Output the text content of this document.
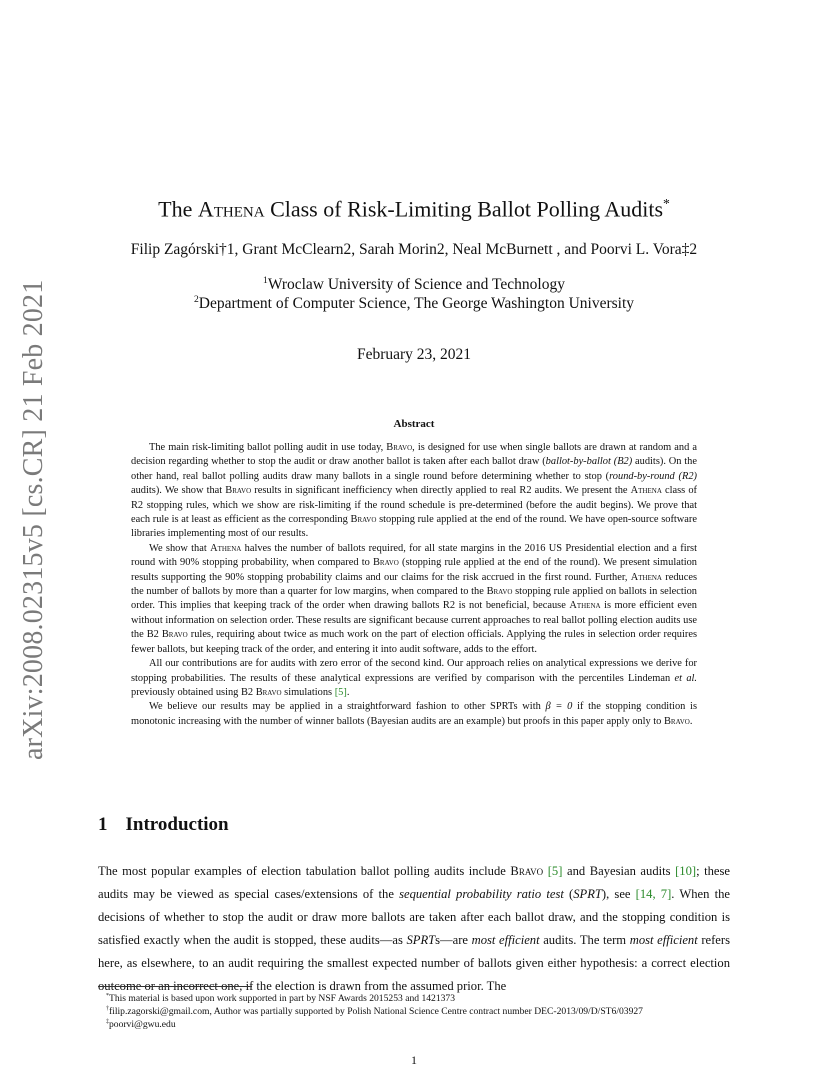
arXiv:2008.02315v5 [cs.CR] 21 Feb 2021
The Athena Class of Risk-Limiting Ballot Polling Audits*
Filip Zagórski†1, Grant McClearn2, Sarah Morin2, Neal McBurnett , and Poorvi L. Vora‡2
$^1$Wroclaw University of Science and Technology
$^2$Department of Computer Science, The George Washington University
February 23, 2021
Abstract

The main risk-limiting ballot polling audit in use today, Bravo, is designed for use when single ballots are drawn at random and a decision regarding whether to stop the audit or draw another ballot is taken after each ballot draw (ballot-by-ballot (B2) audits). On the other hand, real ballot polling audits draw many ballots in a single round before determining whether to stop (round-by-round (R2) audits). We show that Bravo results in significant inefficiency when directly applied to real R2 audits. We present the Athena class of R2 stopping rules, which we show are risk-limiting if the round schedule is pre-determined (before the audit begins). We prove that each rule is at least as efficient as the corresponding Bravo stopping rule applied at the end of the round. We have open-source software libraries implementing most of our results.

We show that Athena halves the number of ballots required, for all state margins in the 2016 US Presidential election and a first round with 90% stopping probability, when compared to Bravo (stopping rule applied at the end of the round). We present simulation results supporting the 90% stopping probability claims and our claims for the risk accrued in the first round. Further, Athena reduces the number of ballots by more than a quarter for low margins, when compared to the Bravo stopping rule applied on ballots in selection order. This implies that keeping track of the order when drawing ballots R2 is not beneficial, because Athena is more efficient even without information on selection order. These results are significant because current approaches to real ballot polling election audits use the B2 Bravo rules, requiring about twice as much work on the part of election officials. Applying the rules in selection order requires fewer ballots, but keeping track of the order, and entering it into audit software, adds to the effort.

All our contributions are for audits with zero error of the second kind. Our approach relies on analytical expressions we derive for stopping probabilities. The results of these analytical expressions are verified by comparison with the percentiles Lindeman et al. previously obtained using B2 Bravo simulations [5].

We believe our results may be applied in a straightforward fashion to other SPRTs with β = 0 if the stopping condition is monotonic increasing with the number of winner ballots (Bayesian audits are an example) but proofs in this paper apply only to Bravo.

1 Introduction

The most popular examples of election tabulation ballot polling audits include Bravo [5] and Bayesian audits [10]; these audits may be viewed as special cases/extensions of the sequential probability ratio test (SPRT), see [14, 7]. When the decisions of whether to stop the audit or draw more ballots are taken after each ballot draw, and the stopping condition is satisfied exactly when the audit is stopped, these audits—as SPRTs—are most efficient audits. The term most efficient refers here, as elsewhere, to an audit requiring the smallest expected number of ballots given either hypothesis: a correct election outcome or an incorrect one, if the election is drawn from the assumed prior. The

*This material is based upon work supported in part by NSF Awards 2015253 and 1421373
†filip.zagorski@gmail.com, Author was partially supported by Polish National Science Centre contract number DEC-2013/09/D/ST6/03927
‡poorvi@gwu.edu
1
